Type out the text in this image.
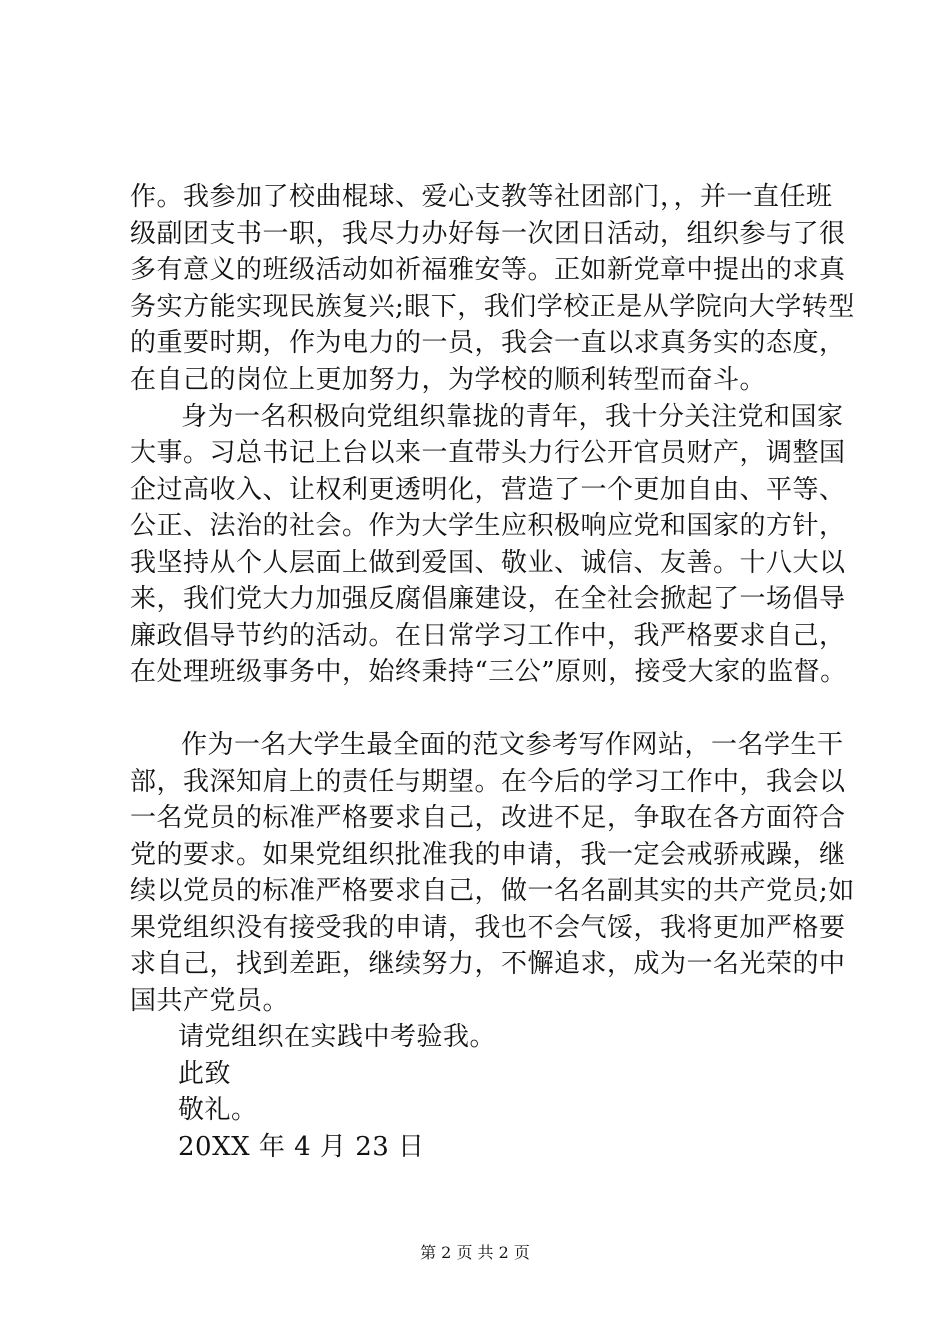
作。我参加了校曲棍球、爱心支教等社团部门，，并一直任班
级副团支书一职，我尽力办好每一次团日活动，组织参与了很
多有意义的班级活动如祈福雅安等。正如新党章中提出的求真
务实方能实现民族复兴;眼下，我们学校正是从学院向大学转型
的重要时期，作为电力的一员，我会一直以求真务实的态度，
在自己的岗位上更加努力，为学校的顺利转型而奋斗。
身为一名积极向党组织靠拢的青年，我十分关注党和国家
大事。习总书记上台以来一直带头力行公开官员财产，调整国
企过高收入、让权利更透明化，营造了一个更加自由、平等、
公正、法治的社会。作为大学生应积极响应党和国家的方针，
我坚持从个人层面上做到爱国、敬业、诚信、友善。十八大以
来，我们党大力加强反腐倡廉建设，在全社会掀起了一场倡导
廉政倡导节约的活动。在日常学习工作中，我严格要求自己，
在处理班级事务中，始终秉持“三公”原则，接受大家的监督。
作为一名大学生最全面的范文参考写作网站，一名学生干
部，我深知肩上的责任与期望。在今后的学习工作中，我会以
一名党员的标准严格要求自己，改进不足，争取在各方面符合
党的要求。如果党组织批准我的申请，我一定会戒骄戒躁，继
续以党员的标准严格要求自己，做一名名副其实的共产党员;如
果党组织没有接受我的申请，我也不会气馁，我将更加严格要
求自己，找到差距，继续努力，不懈追求，成为一名光荣的中
国共产党员。
请党组织在实践中考验我。
此致
敬礼。
20XX 年 4 月 23 日
第 2 页 共 2 页
